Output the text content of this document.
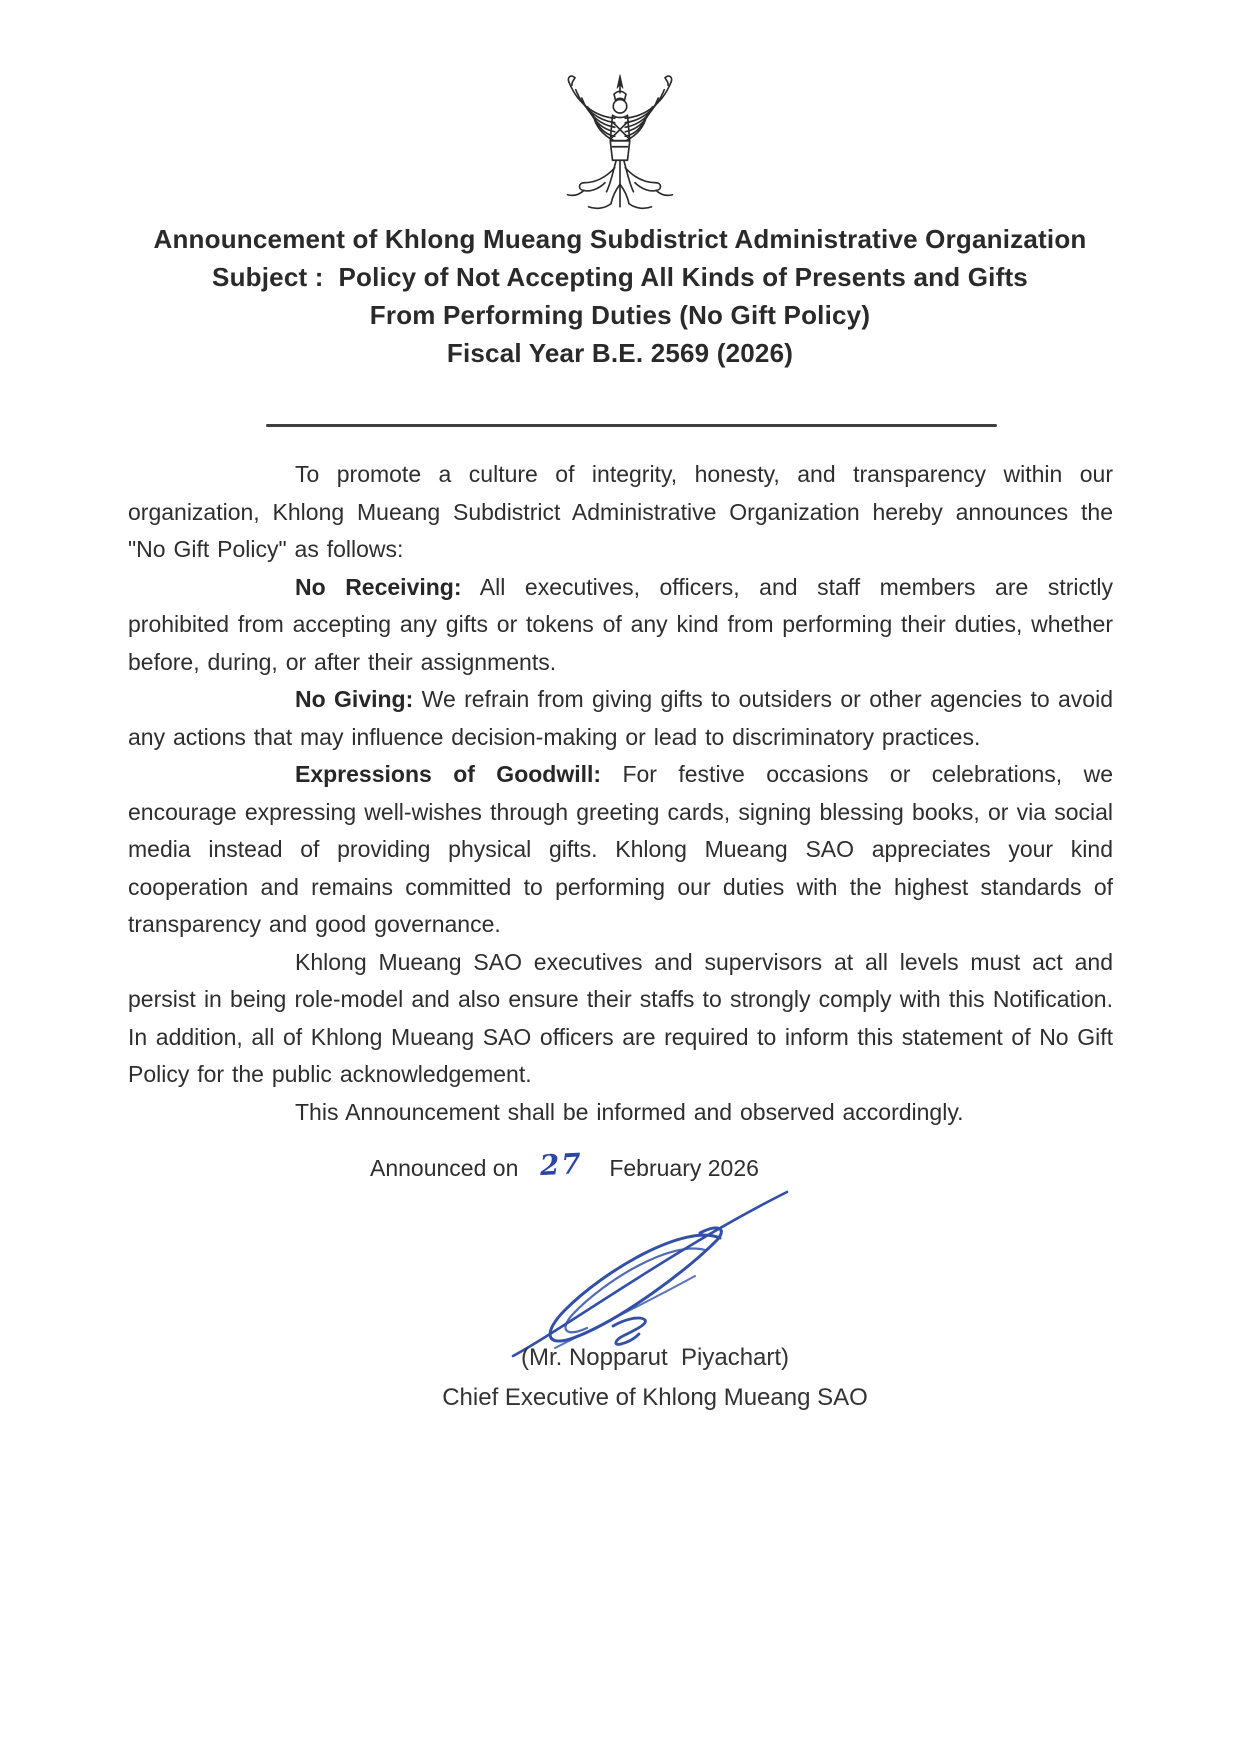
Announcement of Khlong Mueang Subdistrict Administrative Organization
Subject :  Policy of Not Accepting All Kinds of Presents and Gifts
From Performing Duties (No Gift Policy)
Fiscal Year B.E. 2569 (2026)

To promote a culture of integrity, honesty, and transparency within our organization, Khlong Mueang Subdistrict Administrative Organization hereby announces the "No Gift Policy" as follows:

No Receiving: All executives, officers, and staff members are strictly prohibited from accepting any gifts or tokens of any kind from performing their duties, whether before, during, or after their assignments.

No Giving: We refrain from giving gifts to outsiders or other agencies to avoid any actions that may influence decision-making or lead to discriminatory practices.

Expressions of Goodwill: For festive occasions or celebrations, we encourage expressing well-wishes through greeting cards, signing blessing books, or via social media instead of providing physical gifts. Khlong Mueang SAO appreciates your kind cooperation and remains committed to performing our duties with the highest standards of transparency and good governance.

Khlong Mueang SAO executives and supervisors at all levels must act and persist in being role-model and also ensure their staffs to strongly comply with this Notification. In addition, all of Khlong Mueang SAO officers are required to inform this statement of No Gift Policy for the public acknowledgement.

This Announcement shall be informed and observed accordingly.

Announced on 27 February 2026
(Mr. Nopparut  Piyachart)
Chief Executive of Khlong Mueang SAO
